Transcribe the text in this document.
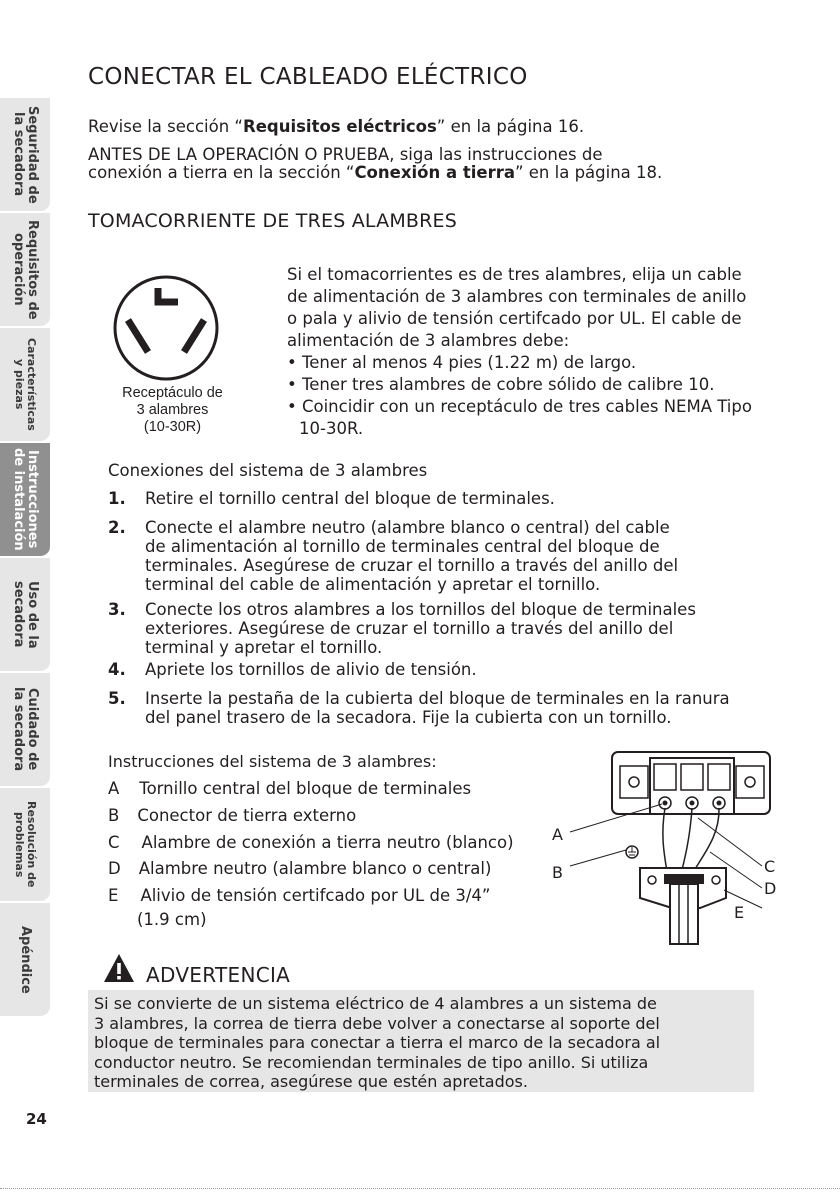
Seguridad de
la secadora
Requisitos de
operación
Características
y piezas
Instrucciones
de instalación
Uso de la
secadora
Cuidado de
la secadora
Resolución de
problemas
Apéndice
24
CONECTAR EL CABLEADO ELÉCTRICO
Revise la sección “Requisitos eléctricos” en la página 16.
ANTES DE LA OPERACIÓN O PRUEBA, siga las instrucciones de
conexión a tierra en la sección “Conexión a tierra” en la página 18.
TOMACORRIENTE DE TRES ALAMBRES
Receptáculo de
3 alambres
(10-30R)
Si el tomacorrientes es de tres alambres, elija un cable
de alimentación de 3 alambres con terminales de anillo
o pala y alivio de tensión certifcado por UL. El cable de
alimentación de 3 alambres debe:
• Tener al menos 4 pies (1.22 m) de largo.
• Tener tres alambres de cobre sólido de calibre 10.
• Coincidir con un receptáculo de tres cables NEMA Tipo
10-30R.
Conexiones del sistema de 3 alambres
1. Retire el tornillo central del bloque de terminales.
2. Conecte el alambre neutro (alambre blanco o central) del cable
de alimentación al tornillo de terminales central del bloque de
terminales. Asegúrese de cruzar el tornillo a través del anillo del
terminal del cable de alimentación y apretar el tornillo.
3. Conecte los otros alambres a los tornillos del bloque de terminales
exteriores. Asegúrese de cruzar el tornillo a través del anillo del
terminal y apretar el tornillo.
4. Apriete los tornillos de alivio de tensión.
5. Inserte la pestaña de la cubierta del bloque de terminales en la ranura
del panel trasero de la secadora. Fije la cubierta con un tornillo.
Instrucciones del sistema de 3 alambres:
A Tornillo central del bloque de terminales
B Conector de tierra externo
C Alambre de conexión a tierra neutro (blanco)
D Alambre neutro (alambre blanco o central)
E Alivio de tensión certifcado por UL de 3/4”
(1.9 cm)
A
B	C
D
E
ADVERTENCIA
Si se convierte de un sistema eléctrico de 4 alambres a un sistema de
3 alambres, la correa de tierra debe volver a conectarse al soporte del
bloque de terminales para conectar a tierra el marco de la secadora al
conductor neutro. Se recomiendan terminales de tipo anillo. Si utiliza
terminales de correa, asegúrese que estén apretados.
